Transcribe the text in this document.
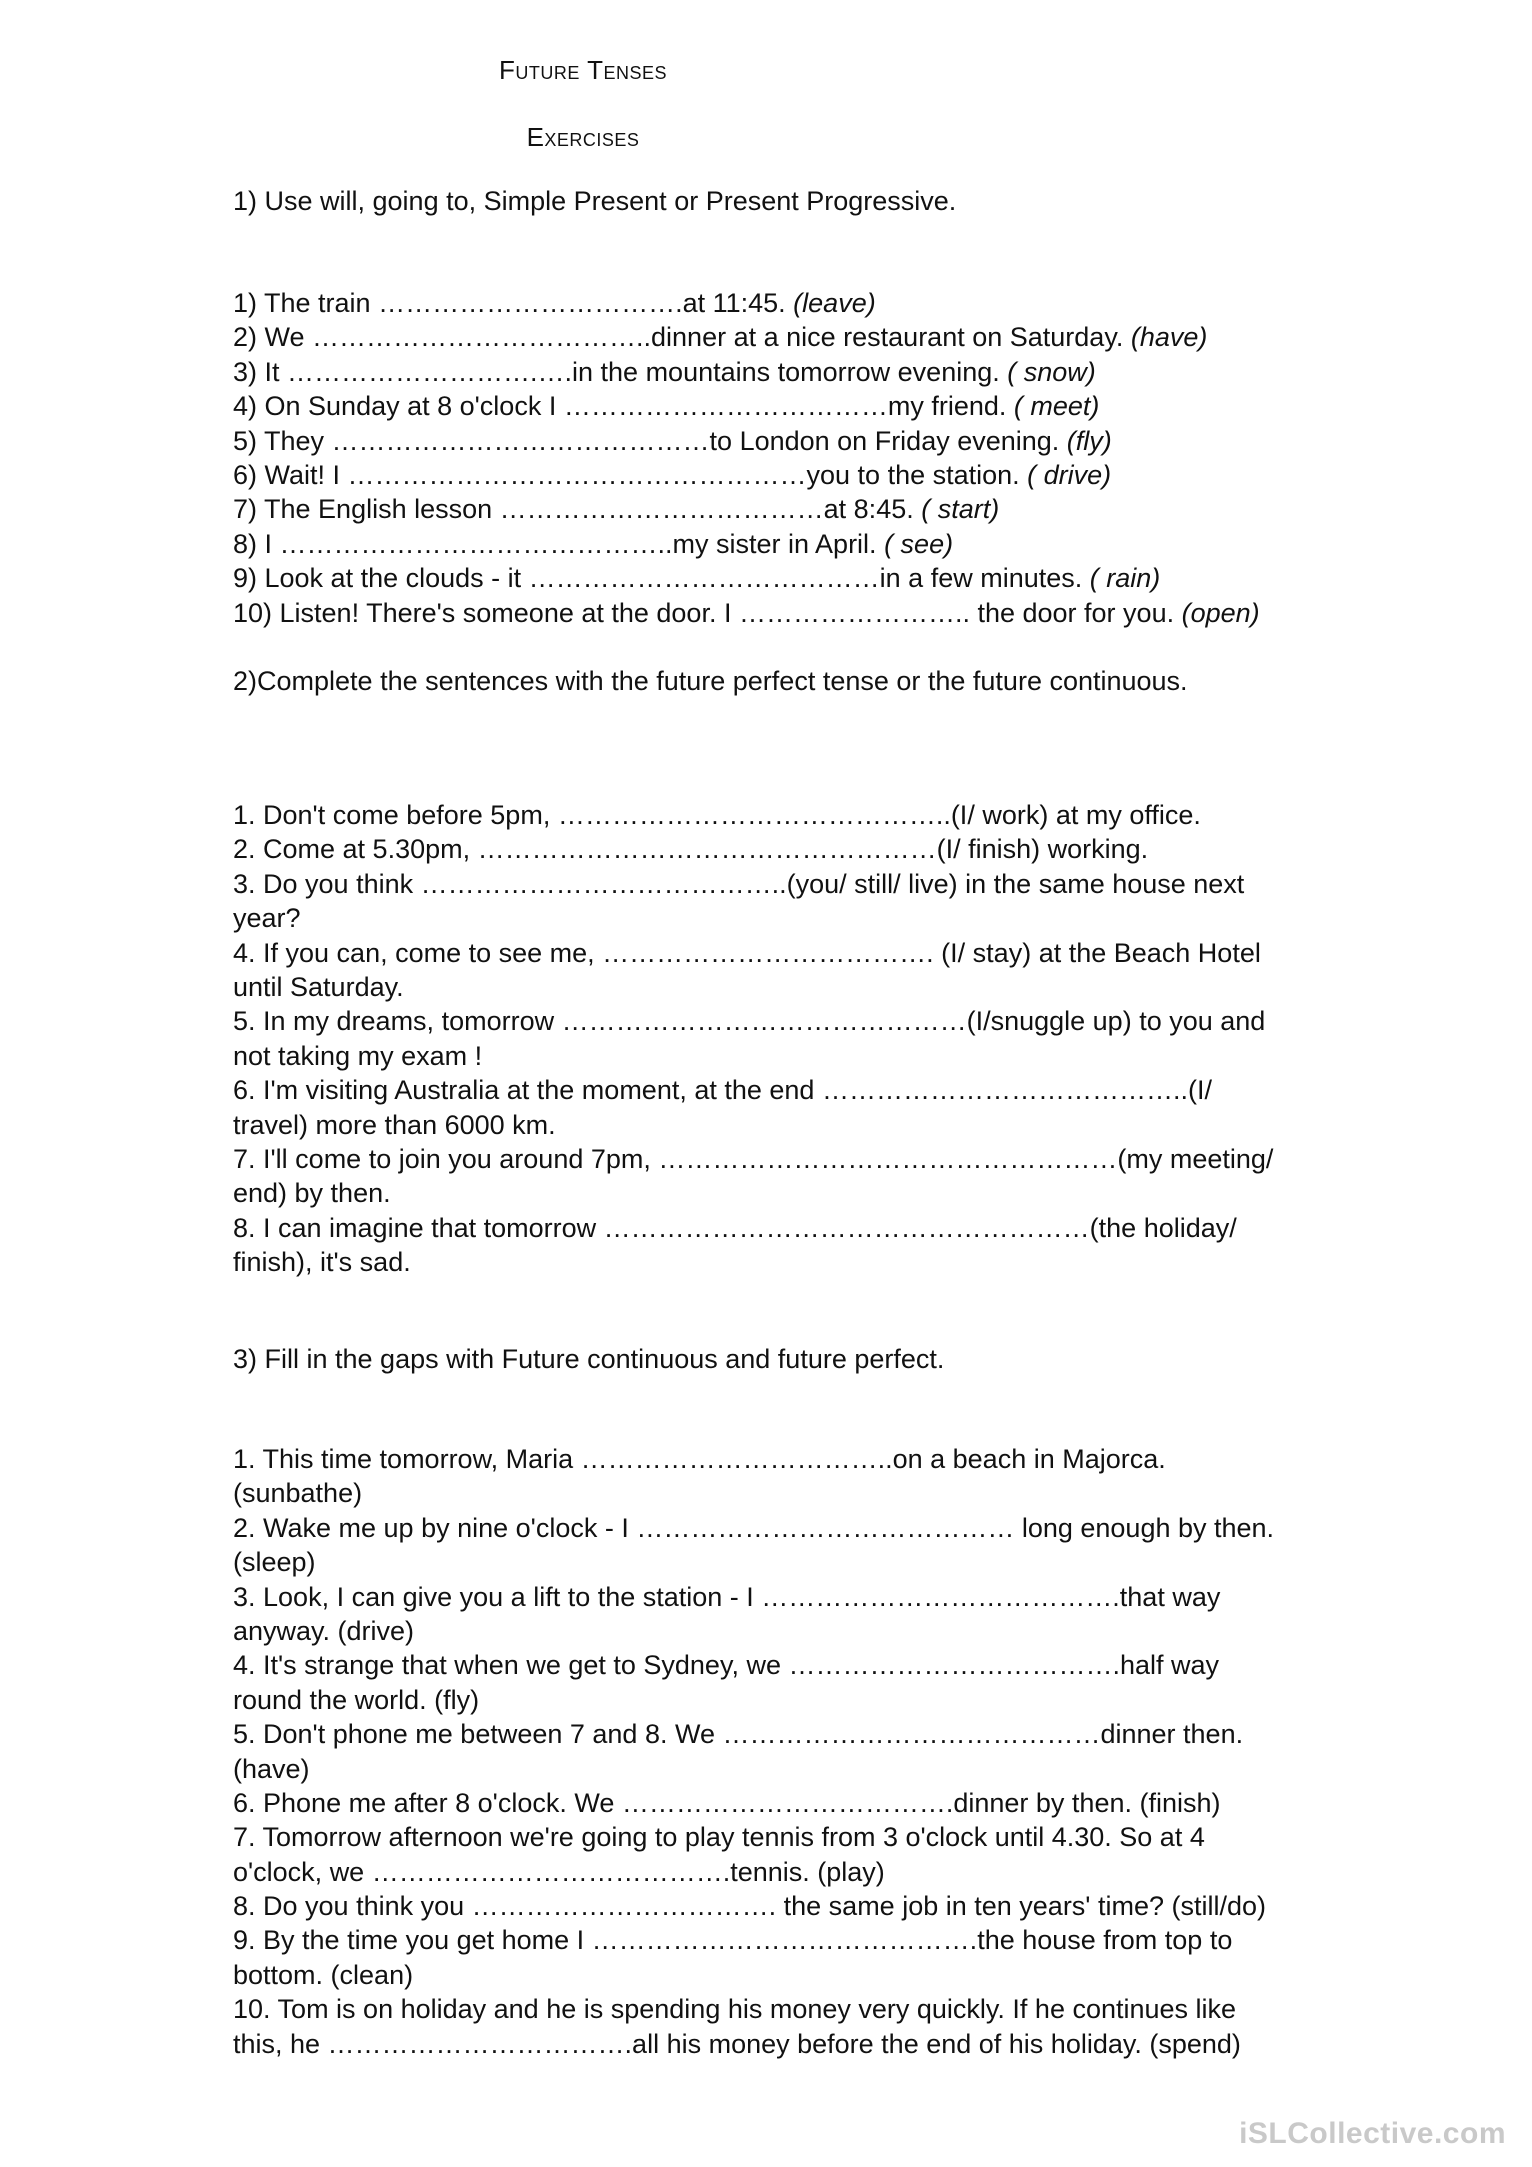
Future Tenses
Exercises
1) Use will, going to, Simple Present or Present Progressive.
1) The train …………………………….at 11:45. (leave)
2) We ………………………………..dinner at a nice restaurant on Saturday. (have)
3) It ……………………….….in the mountains tomorrow evening. ( snow)
4) On Sunday at 8 o'clock I ………………………………my friend. ( meet)
5) They ……………………………………to London on Friday evening. (fly)
6) Wait! I ……………………………………………you to the station. ( drive)
7) The English lesson ………………………………at 8:45. ( start)
8) I ……………………………………..my sister in April. ( see)
9) Look at the clouds - it …………………………………in a few minutes. ( rain)
10) Listen! There's someone at the door. I …………………….. the door for you. (open)
2)Complete the sentences with the future perfect tense or the future continuous.
1. Don't come before 5pm, ……………………………………..(I/ work) at my office.
2. Come at 5.30pm, ……………………………………………(I/ finish) working.
3. Do you think …………………………………..(you/ still/ live) in the same house next
year?
4. If you can, come to see me, ………………………………. (I/ stay) at the Beach Hotel
until Saturday.
5. In my dreams, tomorrow ………………………………………(I/snuggle up) to you and
not taking my exam !
6. I'm visiting Australia at the moment, at the end …………………………………..(I/
travel) more than 6000 km.
7. I'll come to join you around 7pm, ……………………………………………(my meeting/
end) by then.
8. I can imagine that tomorrow ………………………………………………(the holiday/
finish), it's sad.
3) Fill in the gaps with Future continuous and future perfect.
1. This time tomorrow, Maria ……………………………..on a beach in Majorca.
(sunbathe)
2. Wake me up by nine o'clock - I …………………………………… long enough by then.
(sleep)
3. Look, I can give you a lift to the station - I ………………………………….that way
anyway. (drive)
4. It's strange that when we get to Sydney, we ……………………………….half way
round the world. (fly)
5. Don't phone me between 7 and 8. We ……………………………………dinner then.
(have)
6. Phone me after 8 o'clock. We ……………………………….dinner by then. (finish)
7. Tomorrow afternoon we're going to play tennis from 3 o'clock until 4.30. So at 4
o'clock, we ………………………………….tennis. (play)
8. Do you think you ……………………………. the same job in ten years' time? (still/do)
9. By the time you get home I …………………………………….the house from top to
bottom. (clean)
10. Tom is on holiday and he is spending his money very quickly. If he continues like
this, he …………………………….all his money before the end of his holiday. (spend)
iSLCollective.com
